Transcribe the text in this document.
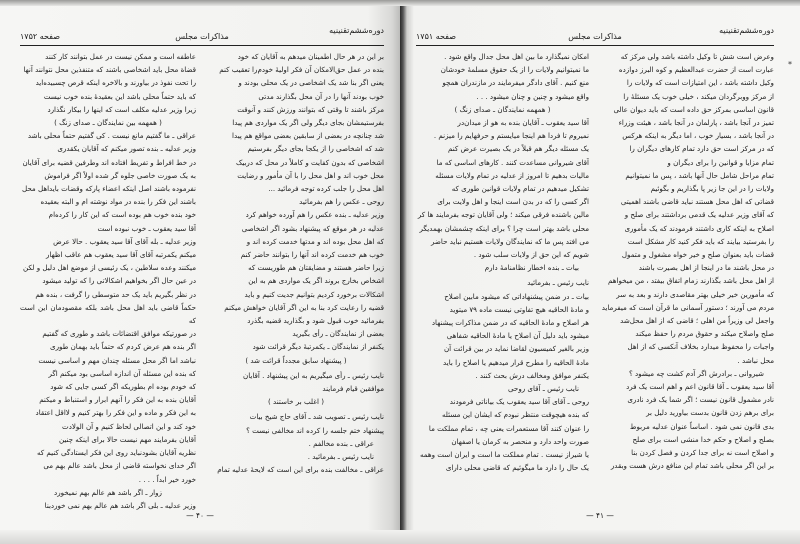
دوره‌ششم‌تقنینیه
مذاکرات مجلس
صفحه ۱۷۵۲

بر این در هر حال اطمینان میدهم به آقایان که خود

بنده در عمل حق‌الامکان آن فکر اولیهٔ خودم‌را تعقیب کنم

یعنی اگر بنا شد یک اشخاصی در یک محلی بودند و

خوب بودند آنها را در آن محل بگذارند مدتی

مرکز باشند تا وقتی که بتوانند ورزش کنند و آنوقت

بفرستیمشان بجای دیگر ولی اگر یک مواردی هم پیدا

شد چنانچه در بعضی از سابقین بعضی مواقع هم پیدا

شد که اشخاصی را از یکجا بجای دیگر بفرستیم

اشخاصی که بدون کفایت و کاملاً در محل که دربیک

محل خوب اند و اهل محل را با آن مأمور و رضایت

اهل محل را جلب کرده توجه فرمائید ...

روحی ـ عکس را هم بفرمائید

وزیر عدلیه ـ بنده عکس را هم آورده خواهم کرد

عدلیه در هر موقع که پیشنهاد بشود اگر اشخاصی

که اهل محل بوده اند و مدتها خدمت کرده اند و

خوب هم خدمت کرده اند آنها را بتوانند حاضر کنم

زیرا حاضر هستند و مضایقتان هم طوریست که

اشخاص بخارج بروند اگر یک مواردی هم به این

اشکالات برخورد کردیم بتوانیم جدیت کنیم و باید

قضیه را رعایت کرد بنا به این اگر آقایان خواهش میکنم

بفرمائید خوب قبول شود و بگذارید قضیه بگذرد

بعضی از نمایندگان ـ رأی بگیرید

یکنفر از نمایندگان ـ یکمرتبهٔ دیگر قرائت شود

( پیشنهاد سابق مجدداً قرائت شد )

نایب رئیس ـ رأی میگیریم به این پیشنهاد . آقایان

موافقین قیام فرمایند

( اغلب بر خاستند )

نایب رئیس ـ تصویب شد ـ آقای حاج شیخ بیات

پیشنهاد ختم جلسه را کرده اند مخالفی نیست ؟

عراقی ـ بنده مخالفم .

نایب رئیس ـ بفرمائید .

عراقی ـ مخالفت بنده برای این است که لایحهٔ عدلیه تمام

عاطفه است و ممکن نیست در عمل بتوانند کار کنند

قضاة محل باید اشخاصی باشند که متنفذین محل نتوانند آنها

را تحت نفوذ در بیاورند و بالاخره اینکه قرص چسبیده‌اید

که باید حتماً محلی باشد این بعقیدهٔ بنده خوب نیست

زیرا وزیر عدلیه مکلف است که اینها را بیکار نگذارد

( همهمه بین نمایندگان ـ صدای زنگ )

عراقی ـ ما گفتیم مانع نیست . کی گفتیم حتماً محلی باشد

وزیر عدلیه ـ بنده تصور میکنم که آقایان یکقدری

در خط افراط و تفریط افتاده اند وطرفین قضیه برای آقایان

به یک صورت خاصی جلوه گر شده اولاً اگر فراموش

نفرموده باشند اصل اینکه اعضاء پارکه وقضات بایداهل محل

باشند این فکر را بنده در مواد نوشته ام و البته بعقیده

خود بنده خوب هم بوده است که این کار را کرده‌ام

آقا سید یعقوب ـ خوب نبوده است

وزیر عدلیه ـ بله آقای آقا سید یعقوب . حالا عرض

میکنم یکمرتبه آقای آقا سید یعقوب هم عاقب اظهار

میکنند وعده سلاطین ، یک رئیسی از موضع اهل دلیل و لکن

در عین حال اگر بخواهیم اشکالاتی را که تولید میشود

در نظر بگیریم باید یک حد متوسطی را گرفت ، بنده هم

حکماً قاضی باید اهل محل باشد بلکه مقصودمان این است که

در صورتیکه موافق اقتضائات باشد و طوری که گفتیم

اگر بنده هم عرض کردم که حتماً باید بهمان طوری

نباشد اما اگر محل مسئله چندان مهم و اساسی نیست

که بنده این مسئله آن اندازه اساسی بود میکنم اگر

که خودم بوده ام بطوریکه اگر کسی جایی که شود

آقایان بنده به این فکر را آنهم ابرار و استنباط و میکنم

به این فکر و ماده و این فکر را بهتر کنیم و لااقل اعتقاد

خود کند و این اتصالی لحاظ کنیم و آن الولادت

آقایان بفرمایند مهم نیست حالا برای اینکه چنین

نظریه آقایان بشودنباید روی این فکر ایستادگی کنیم که

اگر خدای نخواسته قاضی از محل باشد عالم بهم می

خورد خیر ابداً . . . .

زوار ـ اگر باشد هم عالم بهم نمیخورد

وزیر عدلیه ـ بلی اگر باشد هم عالم بهم نمی خوردبنا

— ۴۰ —
دوره‌ششم‌تقنینیه
مذاکرات مجلس
صفحه ۱۷۵۱

وعرض است شش تا وکیل داشته باشد ولی مرکز که

عبارت است از حضرت عبدالعظیم و کوه البرز دوازده

وکیل داشته باشد ، این امتیازات است که ولایات را

از مرکز ووبرگردان میکند ، خیلی خوب یک مسئلهٔ را

قانون اساسی بمرکز حق داده است که باید دیوان عالی

تمیز در آنجا باشد ، پارلمان در آنجا باشد ، هیئت وزراء

در آنجا باشد ، بسیار خوب ، اما دیگر به اینکه هرکس

که در مرکز است حق دارد تمام کارهای دیگران را

تمام مزایا و قوانین را برای دیگران و

تمام مراحل شامل حال آنها باشد ، پس ما نمیتوانیم

ولایات را در این جا زیر پا بگذاریم و بگوئیم

قضاتی که اهل محل هستند نباید قاضی باشند اهمیتی

که آقای وزیر عدلیه یک قدمی برداشتند برای صلح و

اصلاح به اینکه کاری داشتند فرمودند که یک مأموری

را بفرستید بیایند که باید فکر کنید کار مشکل است

قضات باید بعنوان صلح و خیر خواه مشغول و متمول

در محل باشند ما در اینجا از اهل بصیرت باشند

از اهل محل باشد بگذارند زمام اتفاق بیفتد ، من میخواهم

که مأمورین خیر خیلی بهتر مقاصدی دارند و بعد به سر

مردم می آورند ؛ دستور آسمانی ما قرآن است که میفرماید

واجعل لی وزیراً من اهلی ؛ قاضی که از اهل محل‌شد

صلح واصلاح میکند و حقوق مردم را حفظ میکند

واجبات را محفوظ میدارد بخلاف آنکسی که از اهل

محل نباشد .

شیروانی ـ برادرش اگر آدم کشت چه میشود ؟

آقا سید یعقوب ـ آقا قانون اعم و اهم است یک فرد

نادر مشمول قانون نیست ؛ اگر شما یک فرد نادری

برای برهم زدن قانون بدست بیاورید دلیل بر

بدی قانون نمی شود . اساساً عنوان عدلیه مربوط

بصلح و اصلاح و حکم خدا منشی است برای صلح

و اصلاح است نه برای جدا کردن و فصل کردن بنا

بر این اگر محلی باشد تمام این منافع درش هست وبقدر

امکان نمیگذارد ما بین اهل محل جدال واقع شود .

ما نمیتوانیم ولایات را از یک حقوق مسلمهٔ خودشان

منع کنیم . آقای دادگر میفرمایند در مازندران همچو

واقع میشود و چنین و چنان میشود . . .

( همهمه نمایندگان ـ صدای زنگ )

آقا سید یعقوب ـ آقایان بنده به هو از میدان‌در

نمیروم تا فردا هم اینجا میایستم و حرفهایم را میزنم .

یک مسئله دیگر هم قبلاً در یک بصیرت عرض کنم

آقای شیروانی مساعدت کنند . کارهای اساسی که ما

مالیات بدهیم تا امروز از عدلیه در تمام ولایات مسئله

تشکیل میدهیم در تمام ولایات قوانین طوری که

اگر کسی را که در بدن است اینجا و اهل ولایت برای

مالین باشنده فرقی میکند ؛ ولی آقایان توجه بفرمایند ها کر

محلی باشد بهتر است چرا ؟ برای اینکه چشمشان بهمدیگر

می افتد پس ما که نمایندگان ولایات هستیم نباید حاضر

شویم که این حق از ولایات سلب شود .

بیات ـ بنده اخطار نظامنامهٔ دارم

نایب رئیس ـ بفرمائید

بیات ـ در ضمن پیشنهاداتی که میشود مابین اصلاح

و مادهٔ الحاقیه هیچ تفاوتی نیست ماده ۷۹ میتوید

هر اصلاح و مادهٔ الحاقیه که در ضمن مذاکرات پیشنهاد

میشود باید دلیل آن اصلاح یا مادهٔ الحاقیه شفاهی

وزیر بالغیر کمیسیون لقاضا نماید در بین قرائت آن

مادهٔ الحاقیه را مطرح قرار میدهیم یا اصلاح را باید

یکنفر موافق ومخالف درش بحث کنند .

نایب رئیس ـ آقای روحی

روحی ـ آقای آقا سید یعقوب یک بیاناتی فرمودند

که بنده هیچوقت منتظر نبودم که ایشان این مسئله

را عنوان کنند آقا مستعمرات یعنی چه ، تمام مملکت ما

صورت واحد دارد و منحصر به کرمان یا اصفهان

یا شیراز نیست . تمام مملکت ما است و ایران است وهمه

یک حال را دارد ما میگوئیم که قاضی محلی دارای

*
— ۴۱ —
